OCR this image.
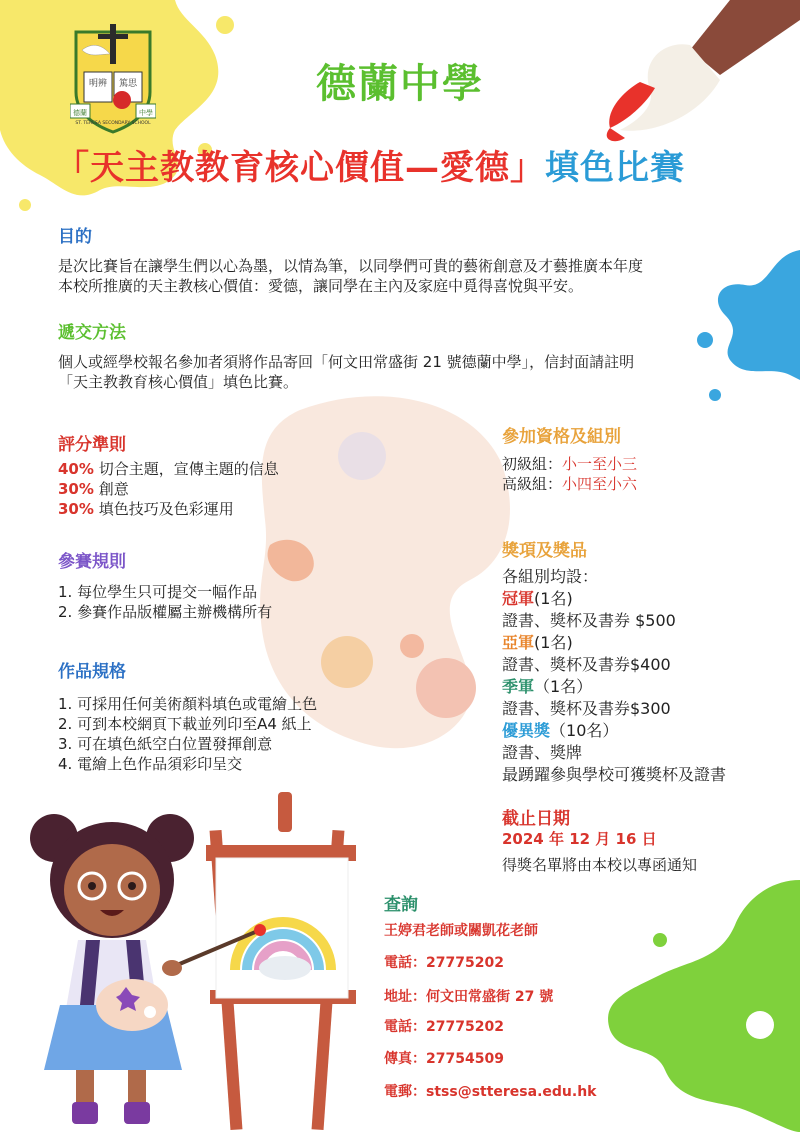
明辨 篤思
德蘭	中學
ST. TERESA SECONDARY SCHOOL
德蘭中學
「天主教教育核心價值—愛德」填色比賽
目的
是次比賽旨在讓學生們以心為墨，以情為筆，以同學們可貴的藝術創意及才藝推廣本年度
本校所推廣的天主教核心價值：愛德，讓同學在主內及家庭中覓得喜悅與平安。
遞交方法
個人或經學校報名參加者須將作品寄回「何文田常盛街 21 號德蘭中學」，信封面請註明
「天主教教育核心價值」填色比賽。
評分準則
40% 切合主題，宣傳主題的信息
30% 創意
30% 填色技巧及色彩運用
參賽規則
1. 每位學生只可提交一幅作品
2. 參賽作品版權屬主辦機構所有
作品規格
1. 可採用任何美術顏料填色或電繪上色
2. 可到本校網頁下載並列印至A4 紙上
3. 可在填色紙空白位置發揮創意
4. 電繪上色作品須彩印呈交
參加資格及組別
初級組：小一至小三
高級組：小四至小六
獎項及獎品
各組別均設：
冠軍(1名)
證書、獎杯及書券 $500
亞軍(1名)
證書、獎杯及書券$400
季軍（1名）
證書、獎杯及書券$300
優異獎（10名）
證書、獎牌
最踴躍參與學校可獲獎杯及證書
截止日期
2024 年 12 月 16 日
得獎名單將由本校以專函通知
查詢
王婷君老師或關凱花老師
電話：27775202
地址：何文田常盛街 27 號
電話：27775202
傳真：27754509
電郵：stss@stteresa.edu.hk
